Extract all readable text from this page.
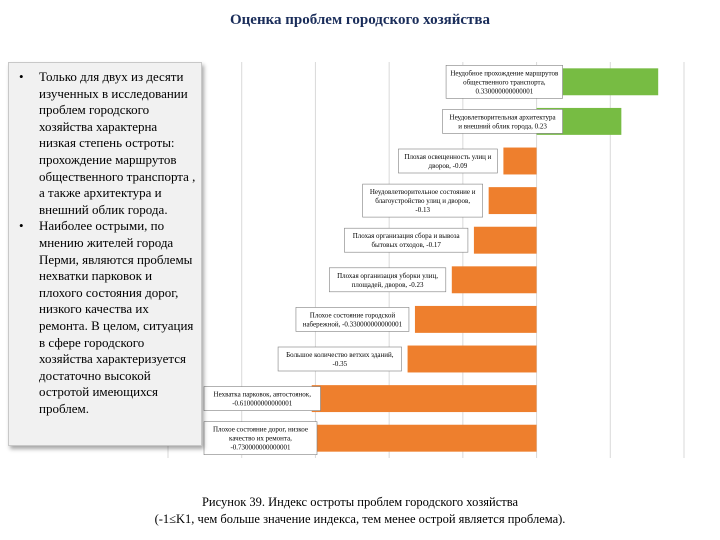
Оценка проблем городского хозяйства
Неудобное прохождение маршрутов общественного транспорта, 0.330000000000001
Неудовлетворительная архитектура и внешний облик города, 0.23
Плохая освещенность улиц и дворов, -0.09
Неудовлетворительное состояние и благоустройство улиц и дворов, -0.13
Плохая организация сбора и вывоза бытовых отходов, -0.17
Плохая организация уборки улиц, площадей, дворов, -0.23
Плохое состояние городской набережной, -0.330000000000001
Большое количество ветхих зданий, -0.35
Нехватка парковок, автостоянок, -0.610000000000001
Плохое состояние дорог, низкое качество их ремонта, -0.730000000000001
• Только для двух из десяти изученных в исследовании проблем городского хозяйства характерна низкая степень остроты: прохождение маршрутов общественного транспорта , а также архитектура и внешний облик города.
• Наиболее острыми, по мнению жителей города Перми, являются проблемы нехватки парковок и плохого состояния дорог, низкого качества их ремонта. В целом, ситуация в сфере городского хозяйства характеризуется достаточно высокой остротой имеющихся проблем.
Рисунок 39. Индекс остроты проблем городского хозяйства
(-1≤K1, чем больше значение индекса, тем менее острой является проблема).
